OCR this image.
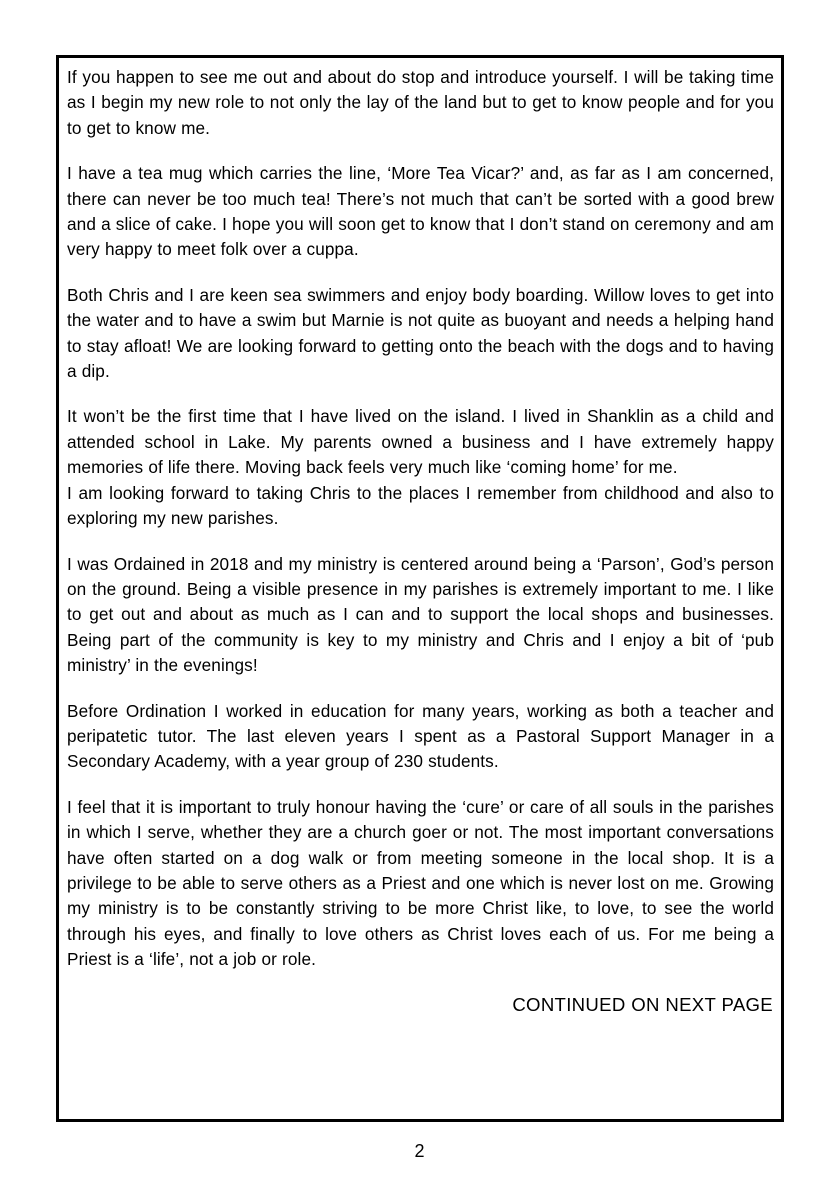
If you happen to see me out and about do stop and introduce yourself. I will be taking time as I begin my new role to not only the lay of the land but to get to know people and for you to get to know me.

I have a tea mug which carries the line, ‘More Tea Vicar?’ and, as far as I am concerned, there can never be too much tea! There’s not much that can’t be sorted with a good brew and a slice of cake. I hope you will soon get to know that I don’t stand on ceremony and am very happy to meet folk over a cuppa.

Both Chris and I are keen sea swimmers and enjoy body boarding. Willow loves to get into the water and to have a swim but Marnie is not quite as buoyant and needs a helping hand to stay afloat! We are looking forward to getting onto the beach with the dogs and to having a dip.

It won’t be the first time that I have lived on the island. I lived in Shanklin as a child and attended school in Lake. My parents owned a business and I have extremely happy memories of life there. Moving back feels very much like ‘coming home’ for me.

I am looking forward to taking Chris to the places I remember from childhood and also to exploring my new parishes.

I was Ordained in 2018 and my ministry is centered around being a ‘Parson’, God’s person on the ground. Being a visible presence in my parishes is extremely important to me. I like to get out and about as much as I can and to support the local shops and businesses. Being part of the community is key to my ministry and Chris and I enjoy a bit of ‘pub ministry’ in the evenings!

Before Ordination I worked in education for many years, working as both a teacher and peripatetic tutor. The last eleven years I spent as a Pastoral Support Manager in a Secondary Academy, with a year group of 230 students.

I feel that it is important to truly honour having the ‘cure’ or care of all souls in the parishes in which I serve, whether they are a church goer or not. The most important conversations have often started on a dog walk or from meeting someone in the local shop. It is a privilege to be able to serve others as a Priest and one which is never lost on me. Growing my ministry is to be constantly striving to be more Christ like, to love, to see the world through his eyes, and finally to love others as Christ loves each of us. For me being a Priest is a ‘life’, not a job or role.

CONTINUED ON NEXT PAGE
2
